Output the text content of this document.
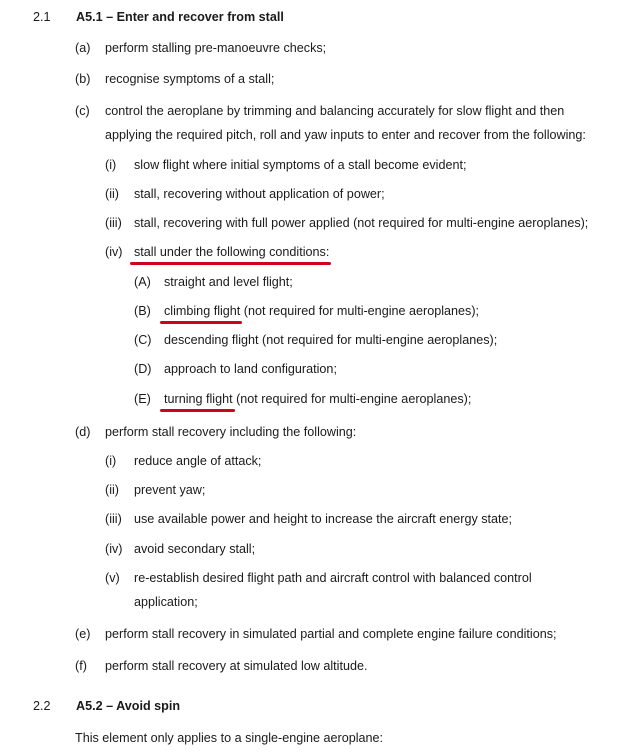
2.1 A5.1 – Enter and recover from stall
(a) perform stalling pre-manoeuvre checks;
(b) recognise symptoms of a stall;
(c) control the aeroplane by trimming and balancing accurately for slow flight and then
applying the required pitch, roll and yaw inputs to enter and recover from the following:
(i) slow flight where initial symptoms of a stall become evident;
(ii) stall, recovering without application of power;
(iii) stall, recovering with full power applied (not required for multi-engine aeroplanes);
(iv) stall under the following conditions:
(A) straight and level flight;
(B) climbing flight (not required for multi-engine aeroplanes);
(C) descending flight (not required for multi-engine aeroplanes);
(D) approach to land configuration;
(E) turning flight (not required for multi-engine aeroplanes);
(d) perform stall recovery including the following:
(i) reduce angle of attack;
(ii) prevent yaw;
(iii) use available power and height to increase the aircraft energy state;
(iv) avoid secondary stall;
(v) re-establish desired flight path and aircraft control with balanced control
application;
(e) perform stall recovery in simulated partial and complete engine failure conditions;
(f) perform stall recovery at simulated low altitude.
2.2 A5.2 – Avoid spin
This element only applies to a single-engine aeroplane:
